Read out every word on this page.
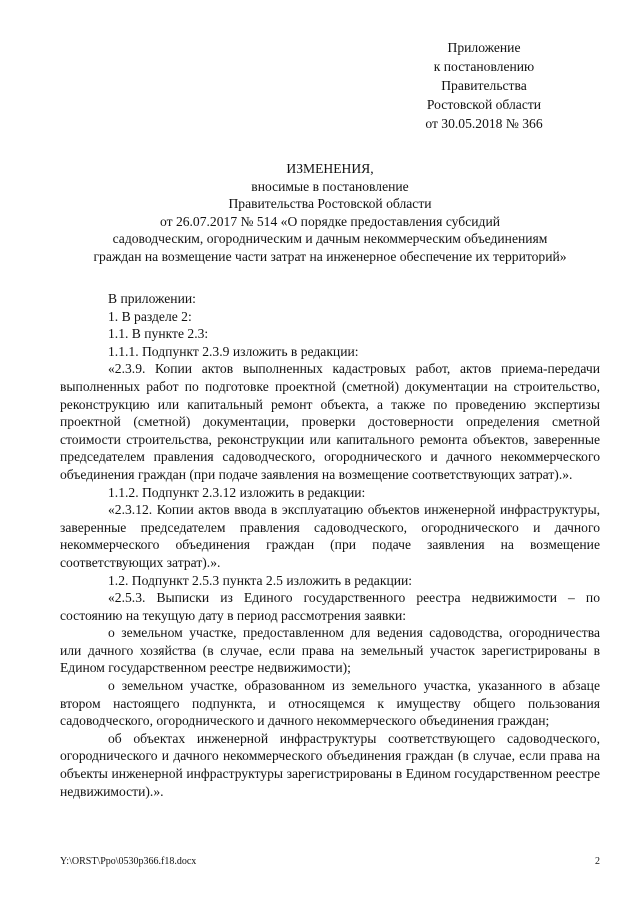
Приложение
к постановлению
Правительства
Ростовской области
от 30.05.2018 № 366
ИЗМЕНЕНИЯ,
вносимые в постановление
Правительства Ростовской области
от 26.07.2017 № 514 «О порядке предоставления субсидий
садоводческим, огородническим и дачным некоммерческим объединениям
граждан на возмещение части затрат на инженерное обеспечение их территорий»

В приложении:

1. В разделе 2:

1.1. В пункте 2.3:

1.1.1. Подпункт 2.3.9 изложить в редакции:

«2.3.9. Копии актов выполненных кадастровых работ, актов приема-передачи выполненных работ по подготовке проектной (сметной) документации на строительство, реконструкцию или капитальный ремонт объекта, а также по проведению экспертизы проектной (сметной) документации, проверки достоверности определения сметной стоимости строительства, реконструкции или капитального ремонта объектов, заверенные председателем правления садоводческого, огороднического и дачного некоммерческого объединения граждан (при подаче заявления на возмещение соответствующих затрат).».

1.1.2. Подпункт 2.3.12 изложить в редакции:

«2.3.12. Копии актов ввода в эксплуатацию объектов инженерной инфраструктуры, заверенные председателем правления садоводческого, огороднического и дачного некоммерческого объединения граждан (при подаче заявления на возмещение соответствующих затрат).».

1.2. Подпункт 2.5.3 пункта 2.5 изложить в редакции:

«2.5.3. Выписки из Единого государственного реестра недвижимости – по состоянию на текущую дату в период рассмотрения заявки:

о земельном участке, предоставленном для ведения садоводства, огородничества или дачного хозяйства (в случае, если права на земельный участок зарегистрированы в Едином государственном реестре недвижимости);

о земельном участке, образованном из земельного участка, указанного в абзаце втором настоящего подпункта, и относящемся к имуществу общего пользования садоводческого, огороднического и дачного некоммерческого объединения граждан;

об объектах инженерной инфраструктуры соответствующего садоводческого, огороднического и дачного некоммерческого объединения граждан (в случае, если права на объекты инженерной инфраструктуры зарегистрированы в Едином государственном реестре недвижимости).».

Y:\ORST\Ppo\0530p366.f18.docx	2
